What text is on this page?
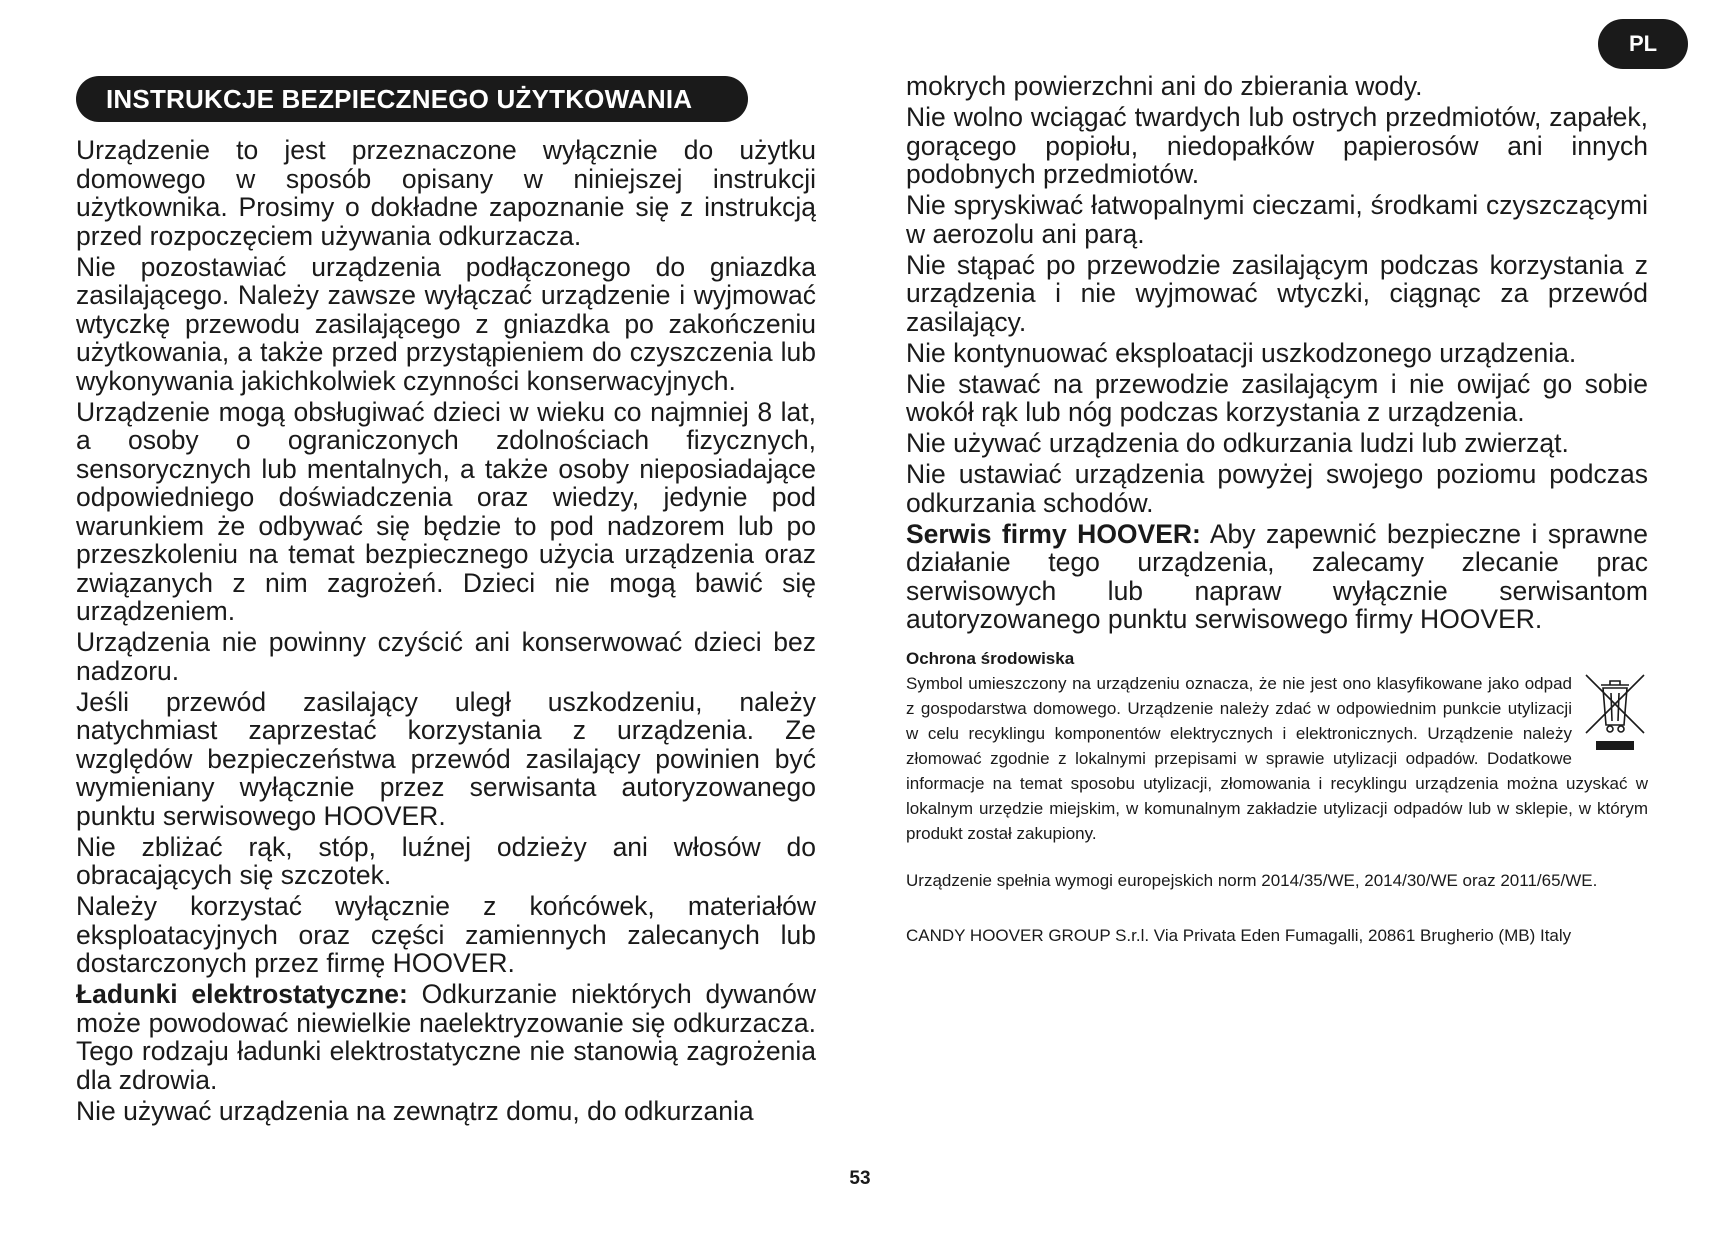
PL
INSTRUKCJE BEZPIECZNEGO UŻYTKOWANIA

Urządzenie to jest przeznaczone wyłącznie do użytku domowego w sposób opisany w niniejszej instrukcji użytkownika. Prosimy o dokładne zapoznanie się z instrukcją przed rozpoczęciem używania odkurzacza.

Nie pozostawiać urządzenia podłączonego do gniazdka zasilającego. Należy zawsze wyłączać urządzenie i wyjmować wtyczkę przewodu zasilającego z gniazdka po zakończeniu użytkowania, a także przed przystąpieniem do czyszczenia lub wykonywania jakichkolwiek czynności konserwacyjnych.

Urządzenie mogą obsługiwać dzieci w wieku co najmniej 8 lat, a osoby o ograniczonych zdolnościach fizycznych, sensorycznych lub mentalnych, a także osoby nieposiadające odpowiedniego doświadczenia oraz wiedzy, jedynie pod warunkiem że odbywać się będzie to pod nadzorem lub po przeszkoleniu na temat bezpiecznego użycia urządzenia oraz związanych z nim zagrożeń. Dzieci nie mogą bawić się urządzeniem.

Urządzenia nie powinny czyścić ani konserwować dzieci bez nadzoru.

Jeśli przewód zasilający uległ uszkodzeniu, należy natychmiast zaprzestać korzystania z urządzenia. Ze względów bezpieczeństwa przewód zasilający powinien być wymieniany wyłącznie przez serwisanta autoryzowanego punktu serwisowego HOOVER.

Nie zbliżać rąk, stóp, luźnej odzieży ani włosów do obracających się szczotek.

Należy korzystać wyłącznie z końcówek, materiałów eksploatacyjnych oraz części zamiennych zalecanych lub dostarczonych przez firmę HOOVER.

Ładunki elektrostatyczne: Odkurzanie niektórych dywanów może powodować niewielkie naelektryzowanie się odkurzacza. Tego rodzaju ładunki elektrostatyczne nie stanowią zagrożenia dla zdrowia.

Nie używać urządzenia na zewnątrz domu, do odkurzania

mokrych powierzchni ani do zbierania wody.

Nie wolno wciągać twardych lub ostrych przedmiotów, zapałek, gorącego popiołu, niedopałków papierosów ani innych podobnych przedmiotów.

Nie spryskiwać łatwopalnymi cieczami, środkami czyszczącymi w aerozolu ani parą.

Nie stąpać po przewodzie zasilającym podczas korzystania z urządzenia i nie wyjmować wtyczki, ciągnąc za przewód zasilający.

Nie kontynuować eksploatacji uszkodzonego urządzenia.

Nie stawać na przewodzie zasilającym i nie owijać go sobie wokół rąk lub nóg podczas korzystania z urządzenia.

Nie używać urządzenia do odkurzania ludzi lub zwierząt.

Nie ustawiać urządzenia powyżej swojego poziomu podczas odkurzania schodów.

Serwis firmy HOOVER: Aby zapewnić bezpieczne i sprawne działanie tego urządzenia, zalecamy zlecanie prac serwisowych lub napraw wyłącznie serwisantom autoryzowanego punktu serwisowego firmy HOOVER.

Ochrona środowiska

Symbol umieszczony na urządzeniu oznacza, że nie jest ono klasyfikowane jako odpad z gospodarstwa domowego. Urządzenie należy zdać w odpowiednim punkcie utylizacji w celu recyklingu komponentów elektrycznych i elektronicznych. Urządzenie należy złomować zgodnie z lokalnymi przepisami w sprawie utylizacji odpadów. Dodatkowe informacje na temat sposobu utylizacji, złomowania i recyklingu urządzenia można uzyskać w lokalnym urzędzie miejskim, w komunalnym zakładzie utylizacji odpadów lub w sklepie, w którym produkt został zakupiony.

Urządzenie spełnia wymogi europejskich norm 2014/35/WE, 2014/30/WE oraz 2011/65/WE.
CANDY HOOVER GROUP S.r.l. Via Privata Eden Fumagalli, 20861 Brugherio (MB) Italy
53
